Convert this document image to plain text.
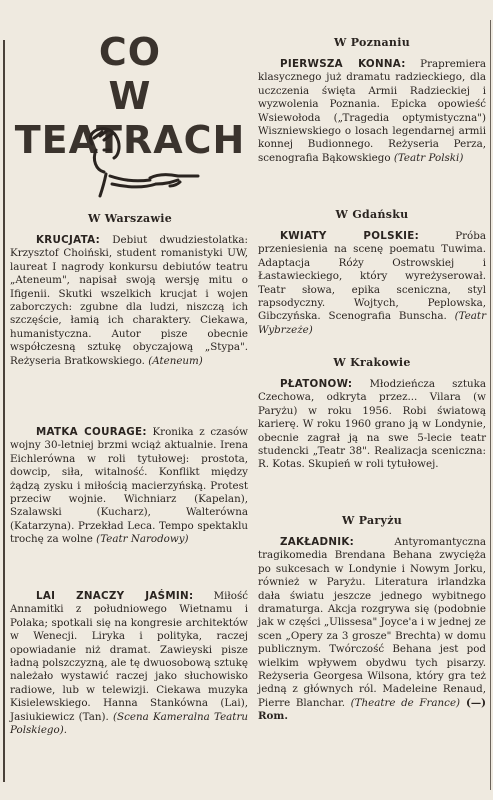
CO
W TEATRACH
W Warszawie

KRUCJATA: Debiut dwudziestolatka: Krzysztof Choiński, student romanistyki UW, laureat I nagrody konkursu debiutów teatru „Ateneum", napisał swoją wersję mitu o Ifigenii. Skutki wszelkich krucjat i wojen zaborczych: zgubne dla ludzi, niszczą ich szczęście, łamią ich charaktery. Ciekawa, humanistyczna. Autor pisze obecnie współczesną sztukę obyczajową „Stypa". Reżyseria Bratkowskiego. (Ateneum)

MATKA COURAGE: Kronika z czasów wojny 30-letniej brzmi wciąż aktualnie. Irena Eichlerówna w roli tytułowej: prostota, dowcip, siła, witalność. Konflikt między żądzą zysku i miłością macierzyńską. Protest przeciw wojnie. Wichniarz (Kapelan), Szalawski (Kucharz), Walterówna (Katarzyna). Przekład Leca. Tempo spektaklu trochę za wolne (Teatr Narodowy)

LAI ZNACZY JAŚMIN: Miłość Annamitki z południowego Wietnamu i Polaka; spotkali się na kongresie architektów w Wenecji. Liryka i polityka, raczej opowiadanie niż dramat. Zawieyski pisze ładną polszczyzną, ale tę dwuosobową sztukę należało wystawić raczej jako słuchowisko radiowe, lub w telewizji. Ciekawa muzyka Kisielewskiego. Hanna Stankówna (Lai), Jasiukiewicz (Tan). (Scena Kameralna Teatru Polskiego).

W Poznaniu

PIERWSZA KONNA: Prapremiera klasycznego już dramatu radzieckiego, dla uczczenia święta Armii Radzieckiej i wyzwolenia Poznania. Epicka opowieść Wsiewołoda („Tragedia optymistyczna") Wiszniewskiego o losach legendarnej armii konnej Budionnego. Reżyseria Perza, scenografia Bąkowskiego (Teatr Polski)

W Gdańsku

KWIATY POLSKIE: Próba przeniesienia na scenę poematu Tuwima. Adaptacja Róży Ostrowskiej i Łastawieckiego, który wyreżyserował. Teatr słowa, epika sceniczna, styl rapsodyczny. Wojtych, Peplowska, Gibczyńska. Scenografia Bunscha. (Teatr Wybrzeże)

W Krakowie

PŁATONOW: Młodzieńcza sztuka Czechowa, odkryta przez... Vilara (w Paryżu) w roku 1956. Robi światową karierę. W roku 1960 grano ją w Londynie, obecnie zagrał ją na swe 5-lecie teatr studencki „Teatr 38". Realizacja sceniczna: R. Kotas. Skupień w roli tytułowej.

W Paryżu

ZAKŁADNIK: Antyromantyczna tragikomedia Brendana Behana zwycięża po sukcesach w Londynie i Nowym Jorku, również w Paryżu. Literatura irlandzka dała światu jeszcze jednego wybitnego dramaturga. Akcja rozgrywa się (podobnie jak w części „Ulissesa" Joyce'a i w jednej ze scen „Opery za 3 grosze" Brechta) w domu publicznym. Twórczość Behana jest pod wielkim wpływem obydwu tych pisarzy. Reżyseria Georgesa Wilsona, który gra też jedną z głównych ról. Madeleine Renaud, Pierre Blanchar. (Theatre de France) (—) Rom.
